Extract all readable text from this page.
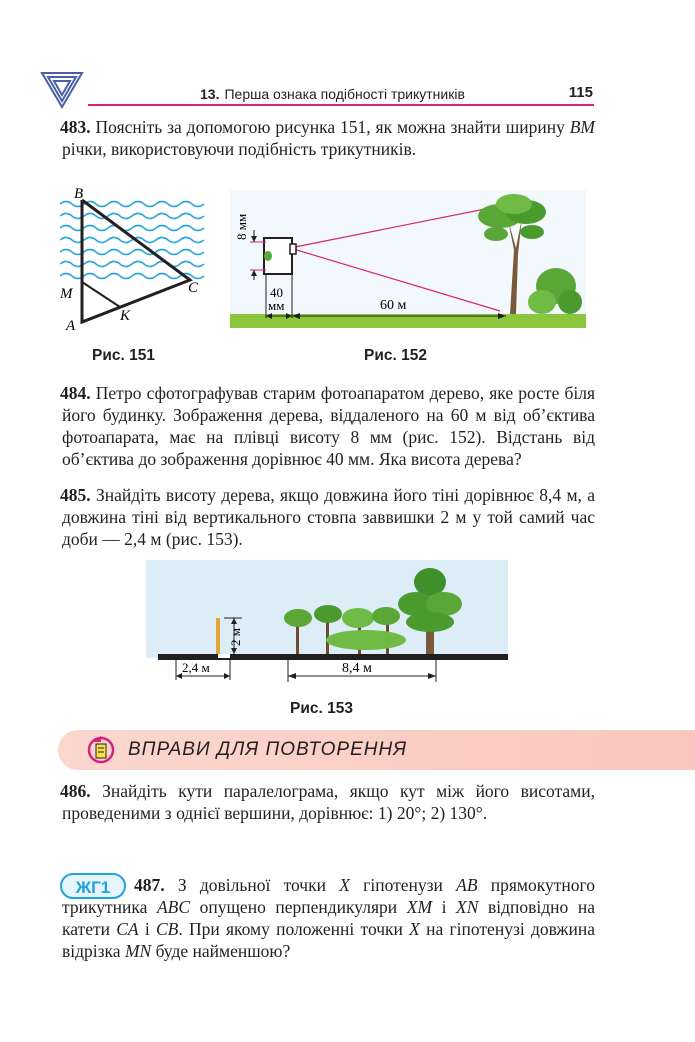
13. Перша ознака подібності трикутників	115
483. Поясніть за допомогою рисунка 151, як можна знайти ширину BM річки, використовуючи подібність трикутників.
B
M
A
K
C
Рис. 151
8 мм
40
мм	60 м
Рис. 152
484. Петро сфотографував старим фотоапаратом дерево, яке росте біля його будинку. Зображення дерева, віддаленого на 60 м від об’єктива фотоапарата, має на плівці висоту 8 мм (рис. 152). Відстань від об’єктива до зображення дорівнює 40 мм. Яка висота дерева?
485. Знайдіть висоту дерева, якщо довжина його тіні дорівнює 8,4 м, а довжина тіні від вертикального стовпа заввишки 2 м у той самий час доби — 2,4 м (рис. 153).
2 м
2,4 м	8,4 м
Рис. 153
ВПРАВИ ДЛЯ ПОВТОРЕННЯ
486. Знайдіть кути паралелограма, якщо кут між його висотами, проведеними з однієї вершини, дорівнює: 1) 20°; 2) 130°.
ЖГ1	487. З довільної точки X гіпотенузи AB прямокутного трикутника ABC опущено перпендикуляри XM і XN відповідно на катети CA і CB. При якому положенні точки X на гіпотенузі довжина відрізка MN буде найменшою?
